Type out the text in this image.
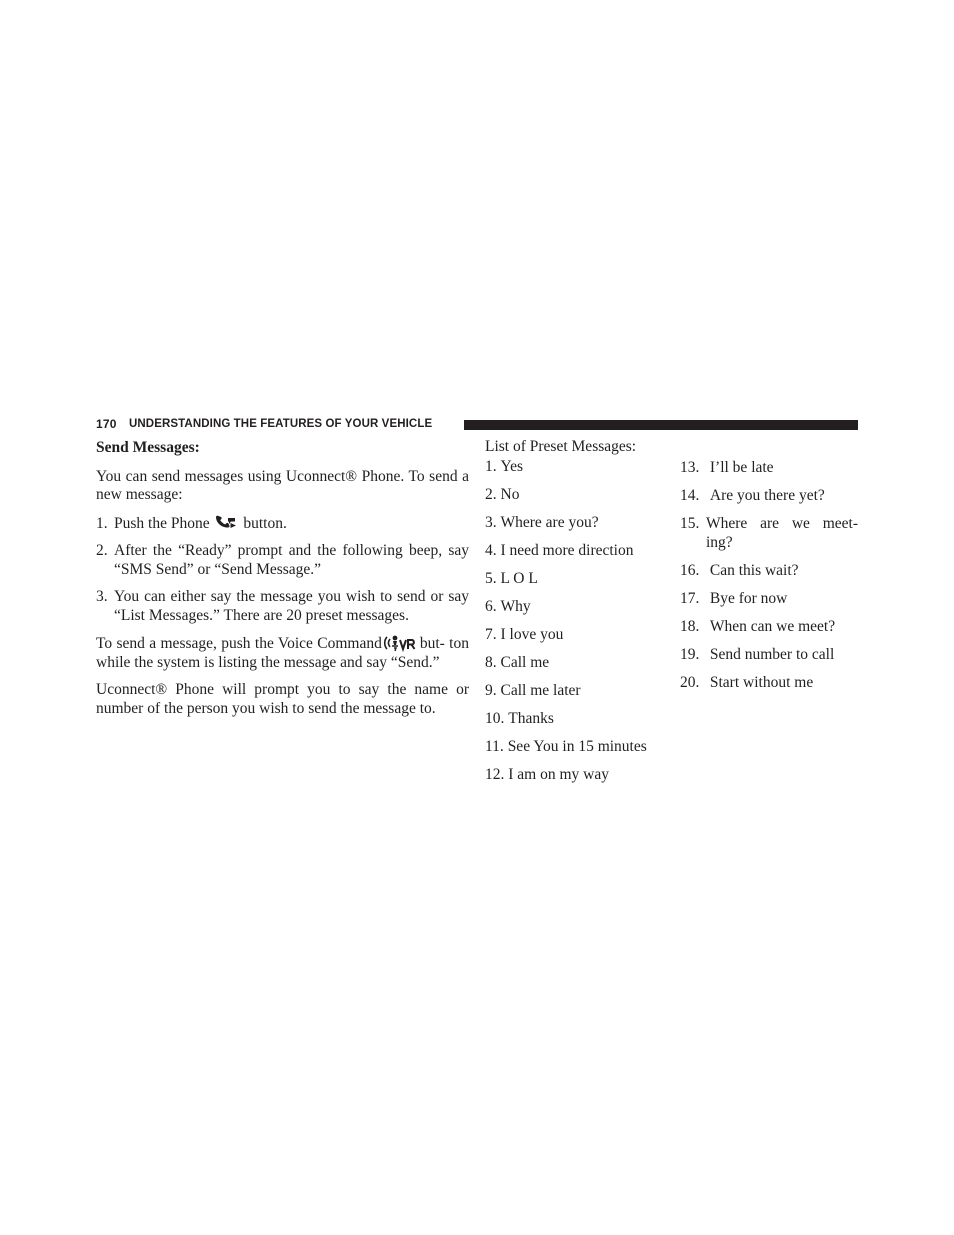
170 UNDERSTANDING THE FEATURES OF YOUR VEHICLE

Send Messages:

You can send messages using Uconnect® Phone. To send a new message:

1. Push the Phone button.
2. After the “Ready” prompt and the following beep, say “SMS Send” or “Send Message.”
3. You can either say the message you wish to send or say “List Messages.” There are 20 preset messages.

To send a message, push the Voice Command but- ton while the system is listing the message and say “Send.”

Uconnect® Phone will prompt you to say the name or number of the person you wish to send the message to.

List of Preset Messages:

1. Yes
2. No
3. Where are you?
4. I need more direction
5. L O L
6. Why
7. I love you
8. Call me
9. Call me later
10. Thanks
11. See You in 15 minutes
12. I am on my way
13. I’ll be late
14. Are you there yet?
15. Where are we meet-
ing?
16. Can this wait?
17. Bye for now
18. When can we meet?
19. Send number to call
20. Start without me
